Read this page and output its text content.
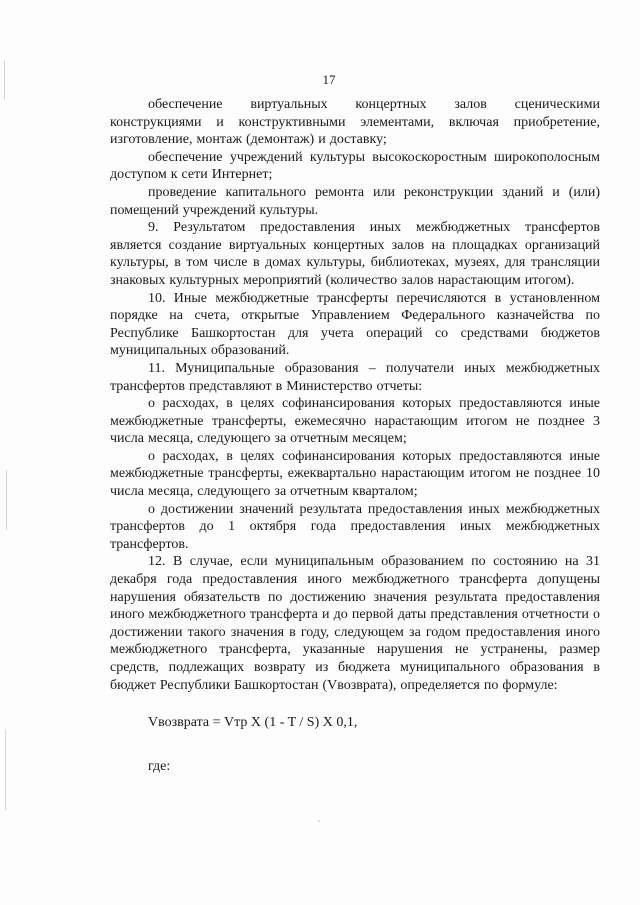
17

обеспечение виртуальных концертных залов сценическими конструкциями и конструктивными элементами, включая приобретение, изготовление, монтаж (демонтаж) и доставку;

обеспечение учреждений культуры высокоскоростным широкополосным доступом к сети Интернет;

проведение капитального ремонта или реконструкции зданий и (или) помещений учреждений культуры.

9. Результатом предоставления иных межбюджетных трансфертов является создание виртуальных концертных залов на площадках организаций культуры, в том числе в домах культуры, библиотеках, музеях, для трансляции знаковых культурных мероприятий (количество залов нарастающим итогом).

10. Иные межбюджетные трансферты перечисляются в установленном порядке на счета, открытые Управлением Федерального казначейства по Республике Башкортостан для учета операций со средствами бюджетов муниципальных образований.

11. Муниципальные образования – получатели иных межбюджетных трансфертов представляют в Министерство отчеты:

о расходах, в целях софинансирования которых предоставляются иные межбюджетные трансферты, ежемесячно нарастающим итогом не позднее 3 числа месяца, следующего за отчетным месяцем;

о расходах, в целях софинансирования которых предоставляются иные межбюджетные трансферты, ежеквартально нарастающим итогом не позднее 10 числа месяца, следующего за отчетным кварталом;

о достижении значений результата предоставления иных межбюджетных трансфертов до 1 октября года предоставления иных межбюджетных трансфертов.

12. В случае, если муниципальным образованием по состоянию на 31 декабря года предоставления иного межбюджетного трансферта допущены нарушения обязательств по достижению значения результата предоставления иного межбюджетного трансферта и до первой даты представления отчетности о достижении такого значения в году, следующем за годом предоставления иного межбюджетного трансферта, указанные нарушения не устранены, размер средств, подлежащих возврату из бюджета муниципального образования в бюджет Республики Башкортостан (Vвозврата), определяется по формуле:

Vвозврата = Vтр X (1 - T / S) X 0,1,

где:
